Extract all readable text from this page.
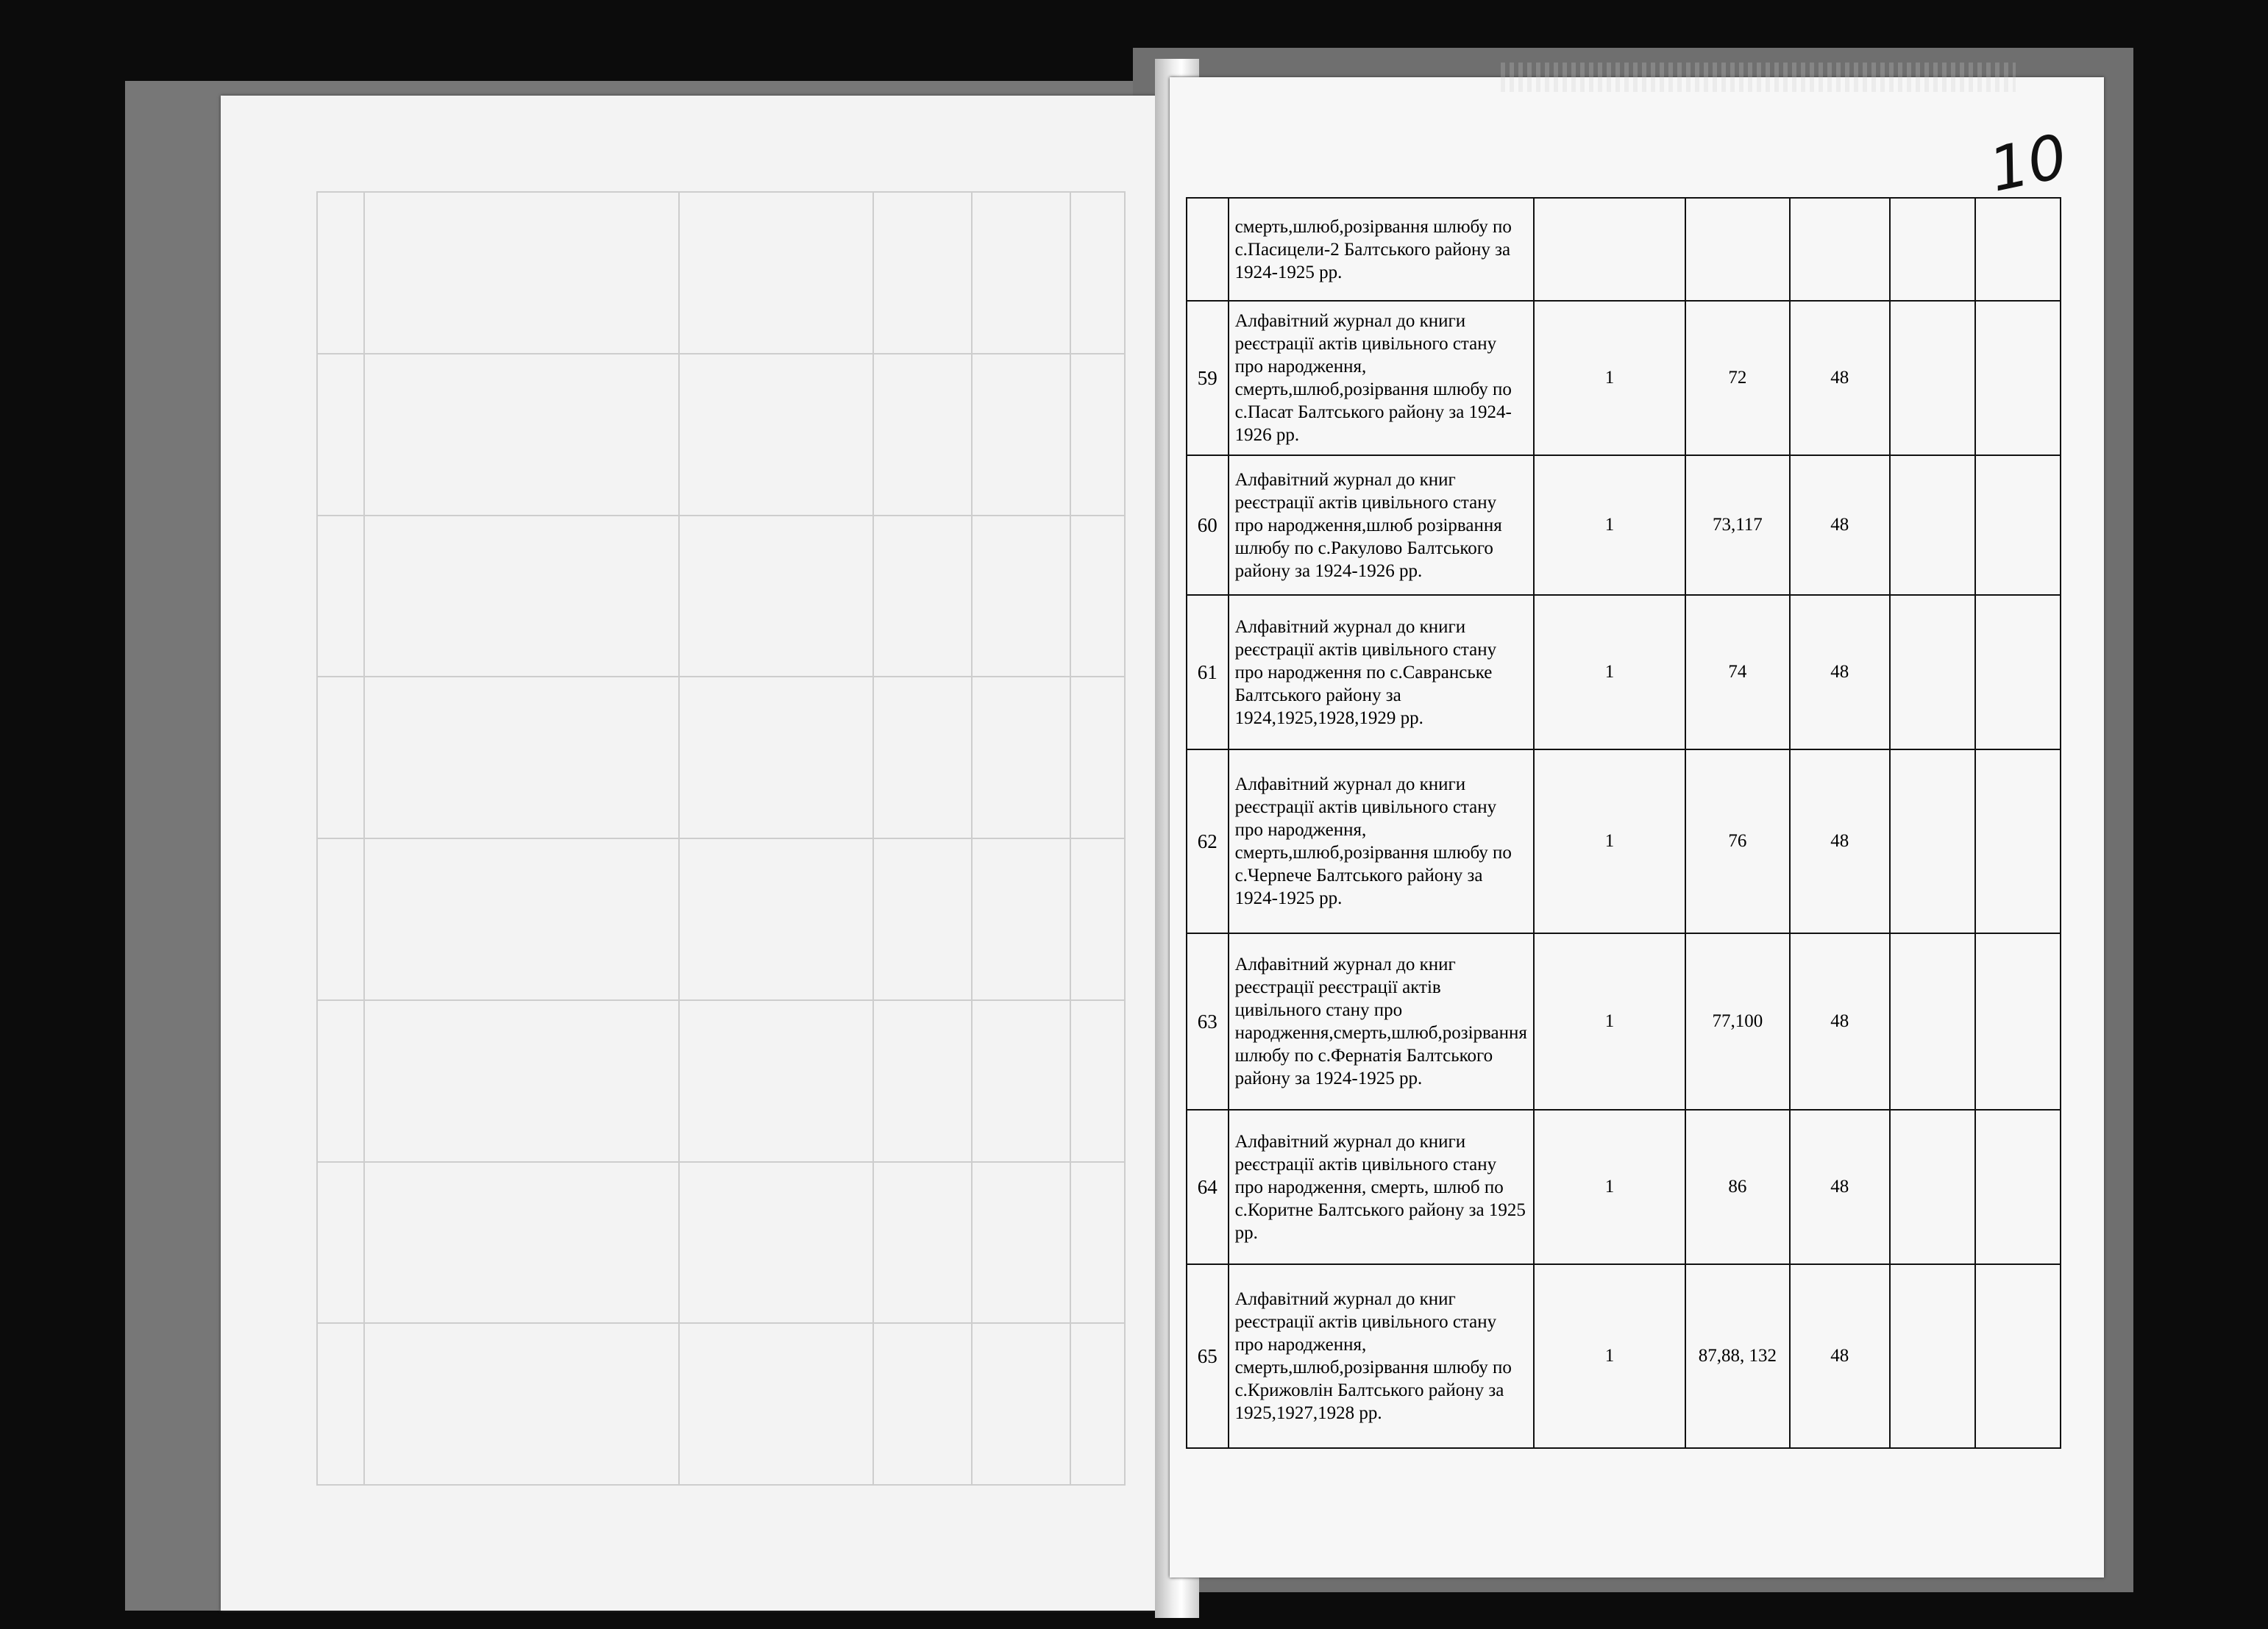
10
	смерть,шлюб,розірвання шлюбу по с.Пасицели-2 Балтського району за 1924-1925 рр.					
59	Алфавітний журнал до книги реєстрації актів цивільного стану про народження, смерть,шлюб,розірвання шлюбу по с.Пасат Балтського району за 1924-1926 рр.	1	72	48		
60	Алфавітний журнал до книг реєстрації актів цивільного стану про народження,шлюб розірвання шлюбу по с.Ракулово Балтського району за 1924-1926 рр.	1	73,117	48		
61	Алфавітний журнал до книги реєстрації актів цивільного стану про народження по с.Савранське Балтського району за 1924,1925,1928,1929 рр.	1	74	48		
62	Алфавітний журнал до книги реєстрації актів цивільного стану про народження, смерть,шлюб,розірвання шлюбу по с.Черneче Балтського району за 1924-1925 рр.	1	76	48		
63	Алфавітний журнал до книг реєстрації реєстрації актів цивільного стану про народження,смерть,шлюб,розірвання шлюбу по с.Фернатія Балтського району за 1924-1925 рр.	1	77,100	48		
64	Алфавітний журнал до книги реєстрації актів цивільного стану про народження, смерть, шлюб по с.Коритне Балтського району за 1925 рр.	1	86	48		
65	Алфавітний журнал до книг реєстрації актів цивільного стану про народження, смерть,шлюб,розірвання шлюбу по с.Крижовлін Балтського району за 1925,1927,1928 рр.	1	87,88, 132	48		
